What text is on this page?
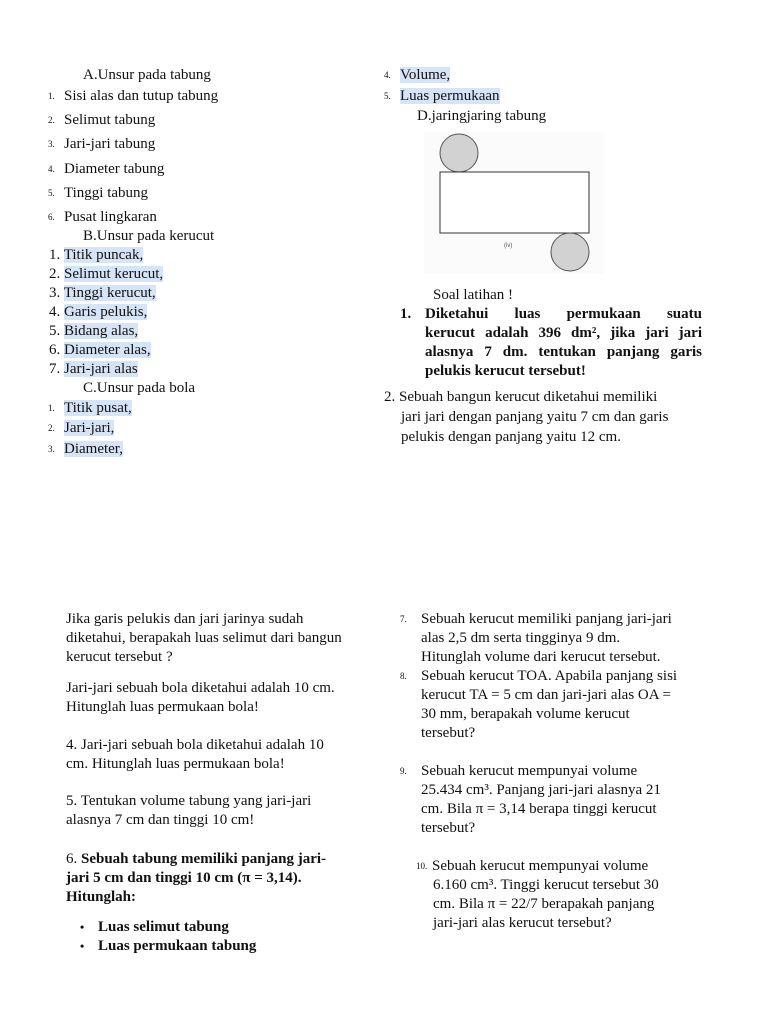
A.Unsur pada tabung
1. Sisi alas dan tutup tabung
2. Selimut tabung
3. Jari-jari tabung
4. Diameter tabung
5. Tinggi tabung
6. Pusat lingkaran
B.Unsur pada kerucut
1. Titik puncak,
2. Selimut kerucut,
3. Tinggi kerucut,
4. Garis pelukis,
5. Bidang alas,
6. Diameter alas,
7. Jari-jari alas
C.Unsur pada bola
1. Titik pusat,
2. Jari-jari,
3. Diameter,
4. Volume,
5. Luas permukaan
D.jaringjaring tabung
(iv)
Soal latihan !
1. Diketahui luas permukaan suatu
kerucut adalah 396 dm², jika jari jari
alasnya 7 dm. tentukan panjang garis
pelukis kerucut tersebut!
2. Sebuah bangun kerucut diketahui memiliki
jari jari dengan panjang yaitu 7 cm dan garis
pelukis dengan panjang yaitu 12 cm.
Jika garis pelukis dan jari jarinya sudah
diketahui, berapakah luas selimut dari bangun
kerucut tersebut ?
Jari-jari sebuah bola diketahui adalah 10 cm.
Hitunglah luas permukaan bola!
4. Jari-jari sebuah bola diketahui adalah 10
cm. Hitunglah luas permukaan bola!
5. Tentukan volume tabung yang jari-jari
alasnya 7 cm dan tinggi 10 cm!
6. Sebuah tabung memiliki panjang jari-
jari 5 cm dan tinggi 10 cm (π = 3,14).
Hitunglah:
• Luas selimut tabung
• Luas permukaan tabung
7. Sebuah kerucut memiliki panjang jari-jari
alas 2,5 dm serta tingginya 9 dm.
Hitunglah volume dari kerucut tersebut.
8. Sebuah kerucut TOA. Apabila panjang sisi
kerucut TA = 5 cm dan jari-jari alas OA =
30 mm, berapakah volume kerucut
tersebut?
9. Sebuah kerucut mempunyai volume
25.434 cm³. Panjang jari-jari alasnya 21
cm. Bila π = 3,14 berapa tinggi kerucut
tersebut?
10. Sebuah kerucut mempunyai volume
6.160 cm³. Tinggi kerucut tersebut 30
cm. Bila π = 22/7 berapakah panjang
jari-jari alas kerucut tersebut?
